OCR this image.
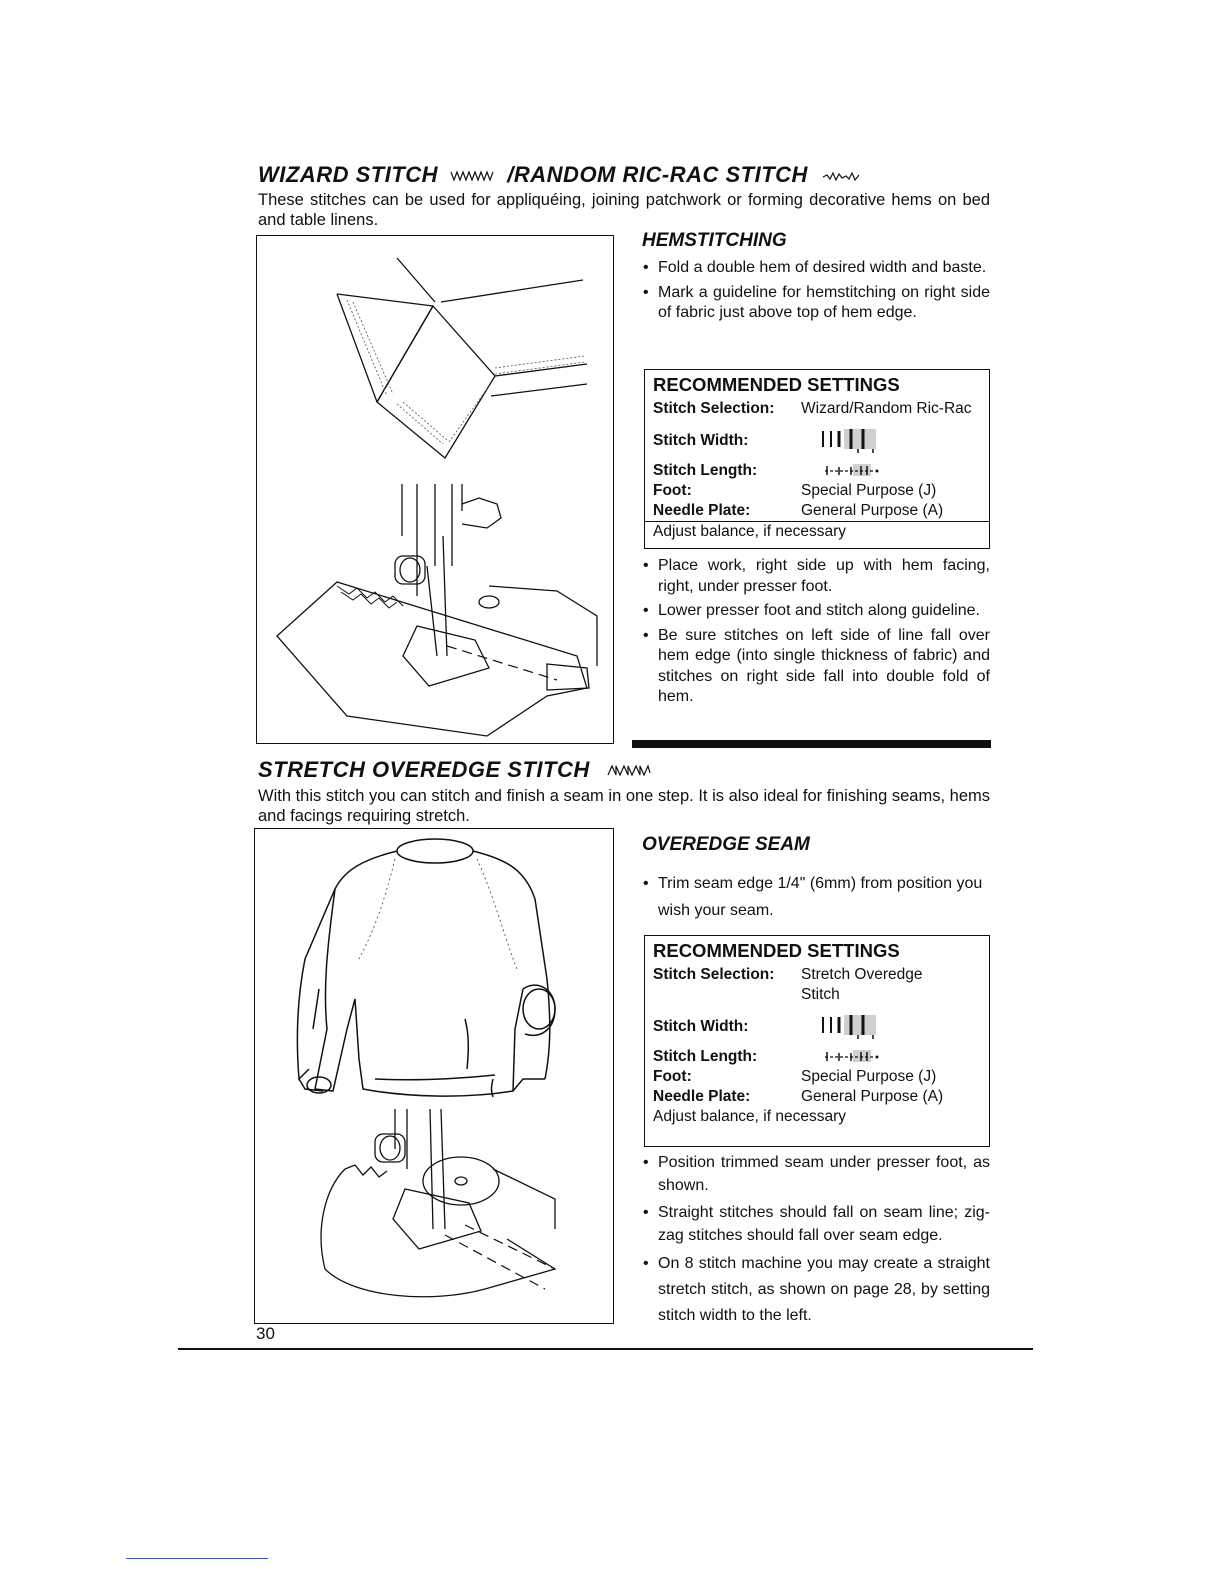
WIZARD STITCH	/RANDOM RIC-RAC STITCH
These stitches can be used for appliquéing, joining patchwork or forming decorative hems on bed and table linens.
HEMSTITCHING
• Fold a double hem of desired width and baste.
• Mark a guideline for hemstitching on right side of fabric just above top of hem edge.
RECOMMENDED SETTINGS
Stitch Selection:	Wizard/Random Ric-Rac
Stitch Width:
Stitch Length:
Foot:	Special Purpose (J)
Needle Plate:	General Purpose (A)
Adjust balance, if necessary
• Place work, right side up with hem facing, right, under presser foot.
• Lower presser foot and stitch along guideline.
• Be sure stitches on left side of line fall over hem edge (into single thickness of fabric) and stitches on right side fall into double fold of hem.
STRETCH OVEREDGE STITCH
With this stitch you can stitch and finish a seam in one step. It is also ideal for finishing seams, hems and facings requiring stretch.
OVEREDGE SEAM
• Trim seam edge 1/4" (6mm) from position you wish your seam.
RECOMMENDED SETTINGS
Stitch Selection:	Stretch Overedge Stitch
Stitch Width:
Stitch Length:
Foot:	Special Purpose (J)
Needle Plate:	General Purpose (A)
Adjust balance, if necessary
• Position trimmed seam under presser foot, as shown.
• Straight stitches should fall on seam line; zig-zag stitches should fall over seam edge.
• On 8 stitch machine you may create a straight stretch stitch, as shown on page 28, by setting stitch width to the left.
30
